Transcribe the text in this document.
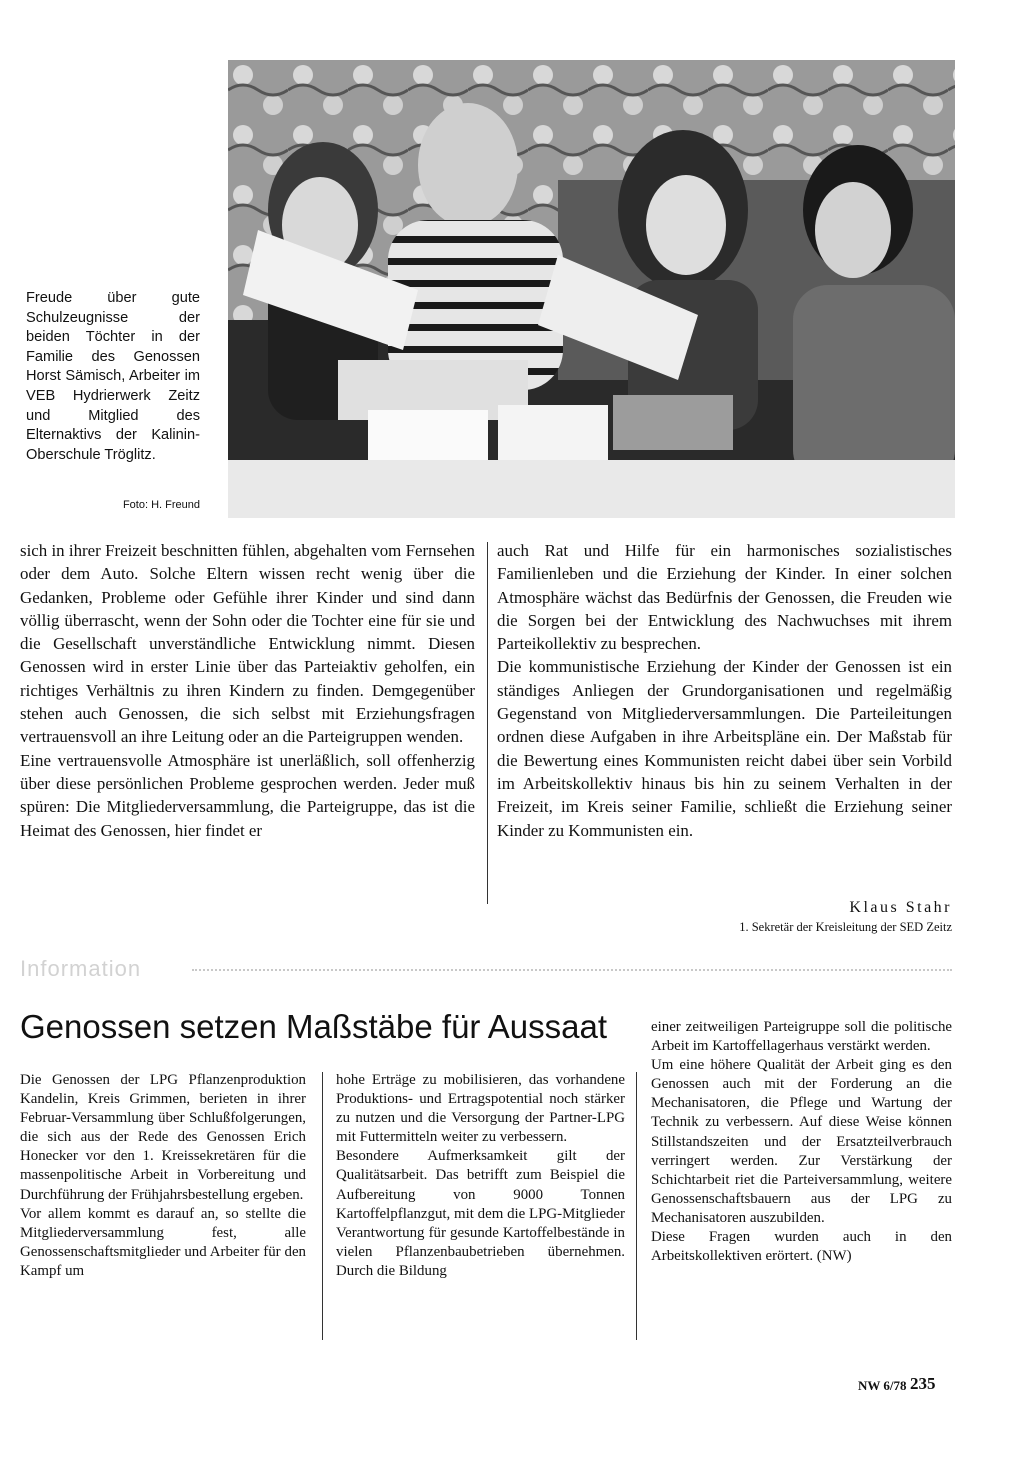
Freude über gute Schulzeugnisse der beiden Töchter in der Familie des Genossen Horst Sämisch, Arbeiter im VEB Hydrierwerk Zeitz und Mitglied des Elternaktivs der Kalinin-Oberschule Tröglitz.
Foto: H. Freund

sich in ihrer Freizeit beschnitten fühlen, abgehalten vom Fernsehen oder dem Auto. Solche Eltern wissen recht wenig über die Gedanken, Probleme oder Gefühle ihrer Kinder und sind dann völlig überrascht, wenn der Sohn oder die Tochter eine für sie und die Gesellschaft unverständliche Entwicklung nimmt. Diesen Genossen wird in erster Linie über das Parteiaktiv geholfen, ein richtiges Verhältnis zu ihren Kindern zu finden. Demgegenüber stehen auch Genossen, die sich selbst mit Erziehungsfragen vertrauensvoll an ihre Leitung oder an die Parteigruppen wenden.

Eine vertrauensvolle Atmosphäre ist unerläßlich, soll offenherzig über diese persönlichen Probleme gesprochen werden. Jeder muß spüren: Die Mitgliederversammlung, die Parteigruppe, das ist die Heimat des Genossen, hier findet er

auch Rat und Hilfe für ein harmonisches sozialistisches Familienleben und die Erziehung der Kinder. In einer solchen Atmosphäre wächst das Bedürfnis der Genossen, die Freuden wie die Sorgen bei der Entwicklung des Nachwuchses mit ihrem Parteikollektiv zu besprechen.

Die kommunistische Erziehung der Kinder der Genossen ist ein ständiges Anliegen der Grundorganisationen und regelmäßig Gegenstand von Mitgliederversammlungen. Die Parteileitungen ordnen diese Aufgaben in ihre Arbeitspläne ein. Der Maßstab für die Bewertung eines Kommunisten reicht dabei über sein Vorbild im Arbeitskollektiv hinaus bis hin zu seinem Verhalten in der Freizeit, im Kreis seiner Familie, schließt die Erziehung seiner Kinder zu Kommunisten ein.

Klaus Stahr
1. Sekretär der Kreisleitung der SED Zeitz
Information
Genossen setzen Maßstäbe für Aussaat

Die Genossen der LPG Pflanzenproduktion Kandelin, Kreis Grimmen, berieten in ihrer Februar-Versammlung über Schlußfolgerungen, die sich aus der Rede des Genossen Erich Honecker vor den 1. Kreissekretären für die massenpolitische Arbeit in Vorbereitung und Durchführung der Frühjahrsbestellung ergeben.

Vor allem kommt es darauf an, so stellte die Mitgliederversammlung fest, alle Genossenschaftsmitglieder und Arbeiter für den Kampf um

hohe Erträge zu mobilisieren, das vorhandene Produktions- und Ertragspotential noch stärker zu nutzen und die Versorgung der Partner-LPG mit Futtermitteln weiter zu verbessern.

Besondere Aufmerksamkeit gilt der Qualitätsarbeit. Das betrifft zum Beispiel die Aufbereitung von 9000 Tonnen Kartoffelpflanzgut, mit dem die LPG-Mitglieder Verantwortung für gesunde Kartoffelbestände in vielen Pflanzenbaubetrieben übernehmen. Durch die Bildung

einer zeitweiligen Parteigruppe soll die politische Arbeit im Kartoffellagerhaus verstärkt werden.

Um eine höhere Qualität der Arbeit ging es den Genossen auch mit der Forderung an die Mechanisatoren, die Pflege und Wartung der Technik zu verbessern. Auf diese Weise können Stillstandszeiten und der Ersatzteilverbrauch verringert werden. Zur Verstärkung der Schichtarbeit riet die Parteiversammlung, weitere Genossenschaftsbauern aus der LPG zu Mechanisatoren auszubilden.

Diese Fragen wurden auch in den Arbeitskollektiven erörtert. (NW)

NW 6/78 235
